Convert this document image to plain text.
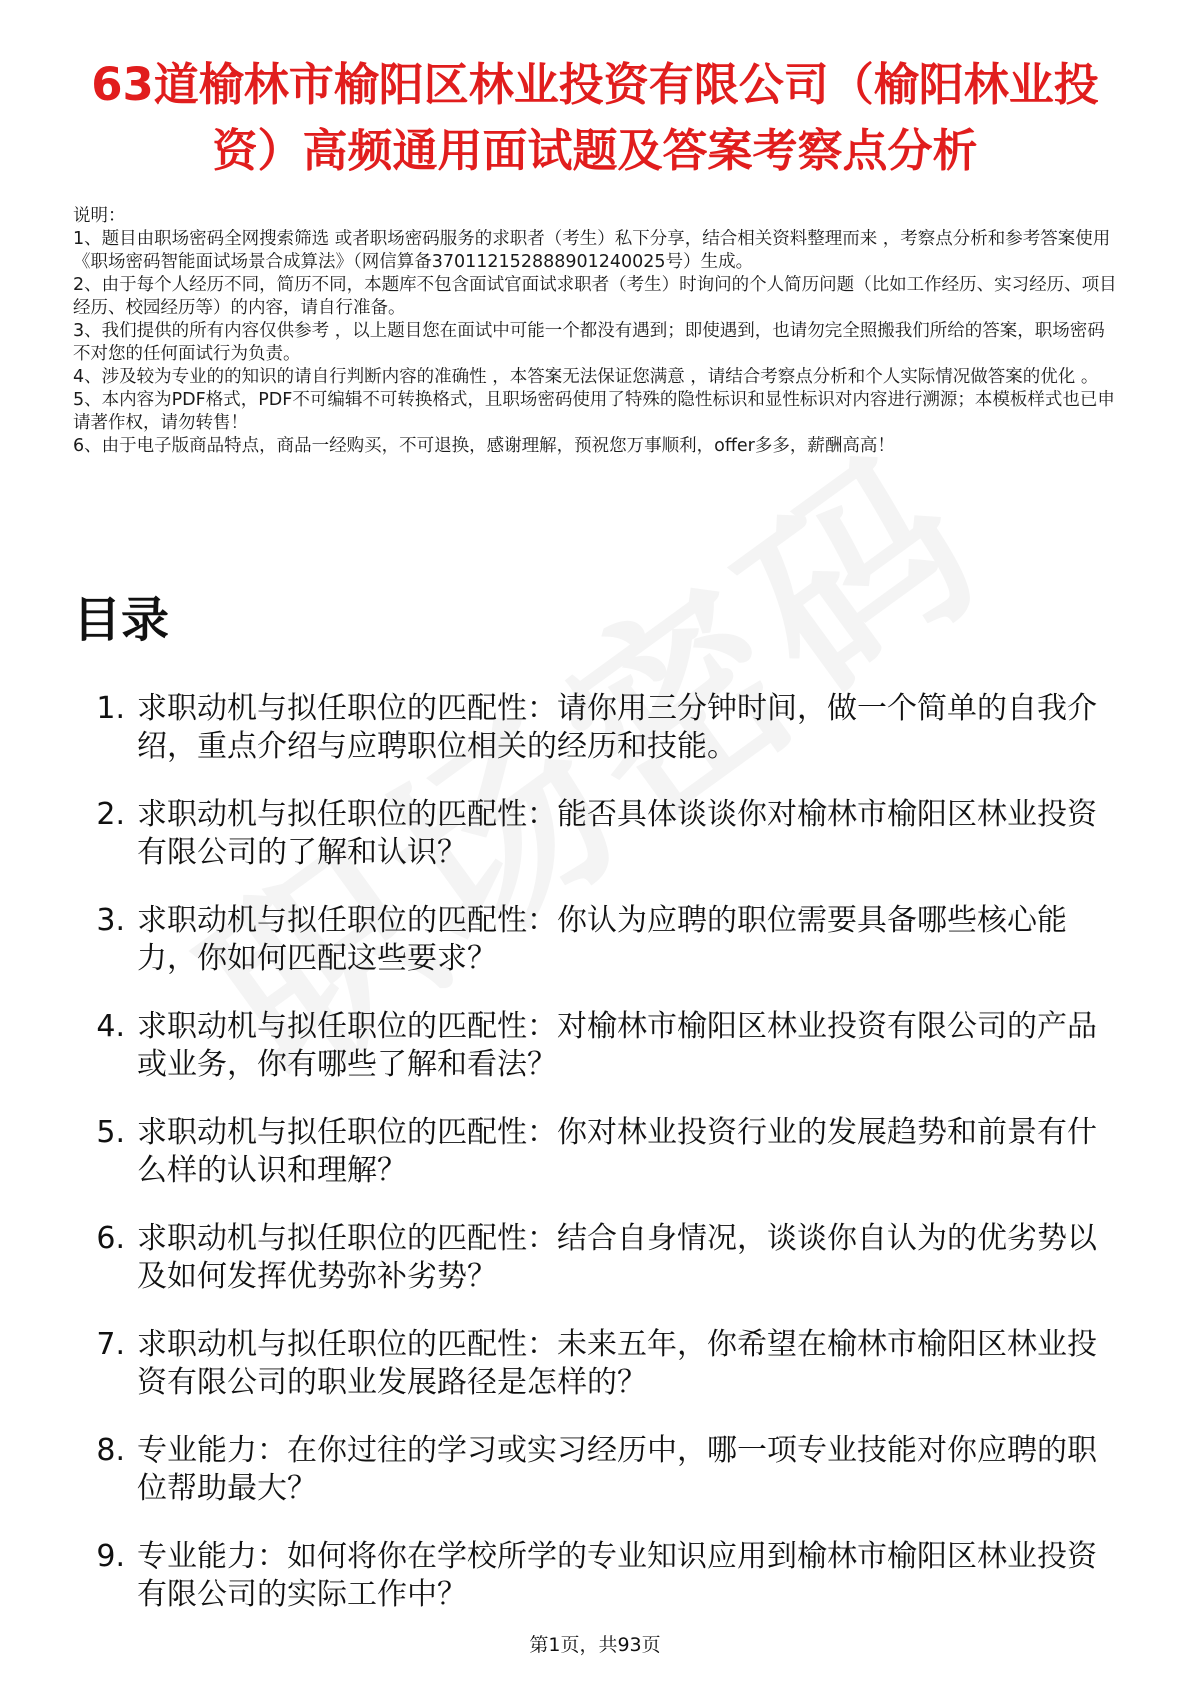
63道榆林市榆阳区林业投资有限公司（榆阳林业投资）高频通用面试题及答案考察点分析

说明：

1、题目由职场密码全网搜索筛选 或者职场密码服务的求职者（考生）私下分享，结合相关资料整理而来 ，考察点分析和参考答案使用《职场密码智能面试场景合成算法》（网信算备370112152888901240025号）生成。

2、由于每个人经历不同，简历不同，本题库不包含面试官面试求职者（考生）时询问的个人简历问题（比如工作经历、实习经历、项目经历、校园经历等）的内容，请自行准备。

3、我们提供的所有内容仅供参考 ，以上题目您在面试中可能一个都没有遇到；即使遇到，也请勿完全照搬我们所给的答案，职场密码不对您的任何面试行为负责。

4、涉及较为专业的的知识的请自行判断内容的准确性 ，本答案无法保证您满意 ，请结合考察点分析和个人实际情况做答案的优化 。

5、本内容为PDF格式，PDF不可编辑不可转换格式，且职场密码使用了特殊的隐性标识和显性标识对内容进行溯源；本模板样式也已申请著作权，请勿转售！

6、由于电子版商品特点，商品一经购买，不可退换，感谢理解，预祝您万事顺利，offer多多，薪酬高高！

目录
1. 求职动机与拟任职位的匹配性：请你用三分钟时间，做一个简单的自我介绍，重点介绍与应聘职位相关的经历和技能。
2. 求职动机与拟任职位的匹配性：能否具体谈谈你对榆林市榆阳区林业投资有限公司的了解和认识？
3. 求职动机与拟任职位的匹配性：你认为应聘的职位需要具备哪些核心能力，你如何匹配这些要求？
4. 求职动机与拟任职位的匹配性：对榆林市榆阳区林业投资有限公司的产品或业务，你有哪些了解和看法？
5. 求职动机与拟任职位的匹配性：你对林业投资行业的发展趋势和前景有什么样的认识和理解？
6. 求职动机与拟任职位的匹配性：结合自身情况，谈谈你自认为的优劣势以及如何发挥优势弥补劣势？
7. 求职动机与拟任职位的匹配性：未来五年，你希望在榆林市榆阳区林业投资有限公司的职业发展路径是怎样的？
8. 专业能力：在你过往的学习或实习经历中，哪一项专业技能对你应聘的职位帮助最大？
9. 专业能力：如何将你在学校所学的专业知识应用到榆林市榆阳区林业投资有限公司的实际工作中？
第1页，共93页
